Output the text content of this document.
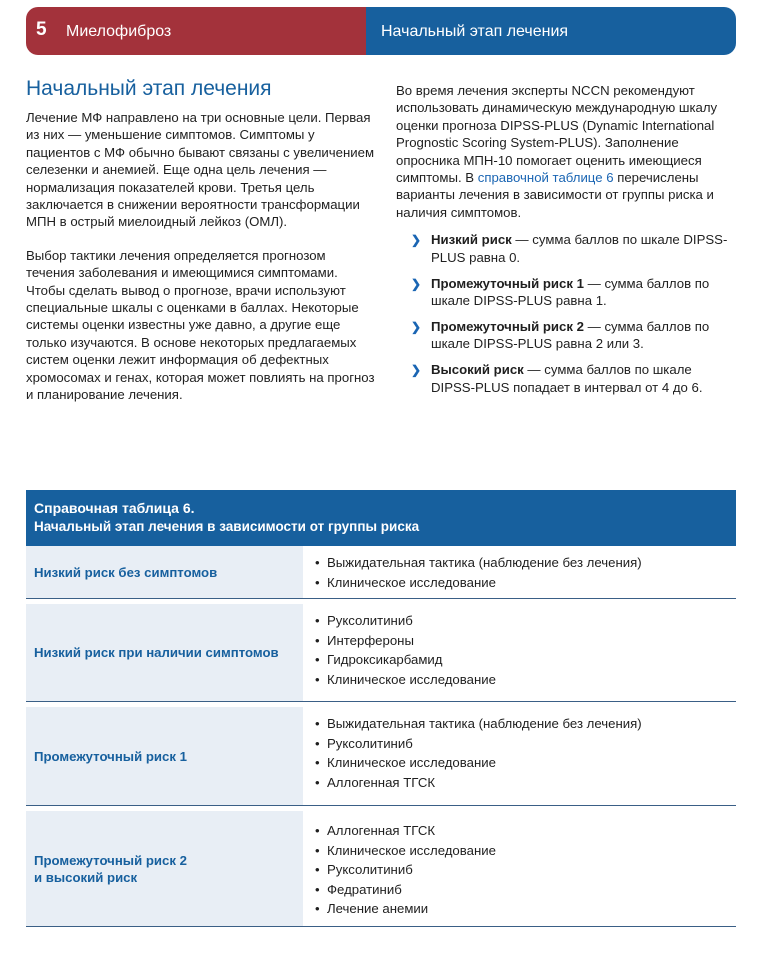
5 Миелофиброз	Начальный этап лечения
Начальный этап лечения

Лечение МФ направлено на три основные цели. Первая из них — уменьшение симптомов. Симптомы у пациентов с МФ обычно бывают связаны с увеличением селезенки и анемией. Еще одна цель лечения — нормализация показателей крови. Третья цель заключается в снижении вероятности трансформации МПН в острый миелоидный лейкоз (ОМЛ).

Выбор тактики лечения определяется прогнозом течения заболевания и имеющимися симптомами. Чтобы сделать вывод о прогнозе, врачи используют специальные шкалы с оценками в баллах. Некоторые системы оценки известны уже давно, а другие еще только изучаются. В основе некоторых предлагаемых систем оценки лежит информация об дефектных хромосомах и генах, которая может повлиять на прогноз и планирование лечения.

Во время лечения эксперты NCCN рекомендуют использовать динамическую международную шкалу оценки прогноза DIPSS-PLUS (Dynamic International Prognostic Scoring System-PLUS). Заполнение опросника МПН-10 помогает оценить имеющиеся симптомы. В справочной таблице 6 перечислены варианты лечения в зависимости от группы риска и наличия симптомов.

❯ Низкий риск — сумма баллов по шкале DIPSS-PLUS равна 0.
❯ Промежуточный риск 1 — сумма баллов по шкале DIPSS-PLUS равна 1.
❯ Промежуточный риск 2 — сумма баллов по шкале DIPSS-PLUS равна 2 или 3.
❯ Высокий риск — сумма баллов по шкале DIPSS-PLUS попадает в интервал от 4 до 6.
Справочная таблица 6.
Начальный этап лечения в зависимости от группы риска
Низкий риск без симптомов
• Выжидательная тактика (наблюдение без лечения)
• Клиническое исследование
Низкий риск при наличии симптомов
• Руксолитиниб
• Интерфероны
• Гидроксикарбамид
• Клиническое исследование
Промежуточный риск 1
• Выжидательная тактика (наблюдение без лечения)
• Руксолитиниб
• Клиническое исследование
• Аллогенная ТГСК
Промежуточный риск 2
и высокий риск
• Аллогенная ТГСК
• Клиническое исследование
• Руксолитиниб
• Федратиниб
• Лечение анемии
